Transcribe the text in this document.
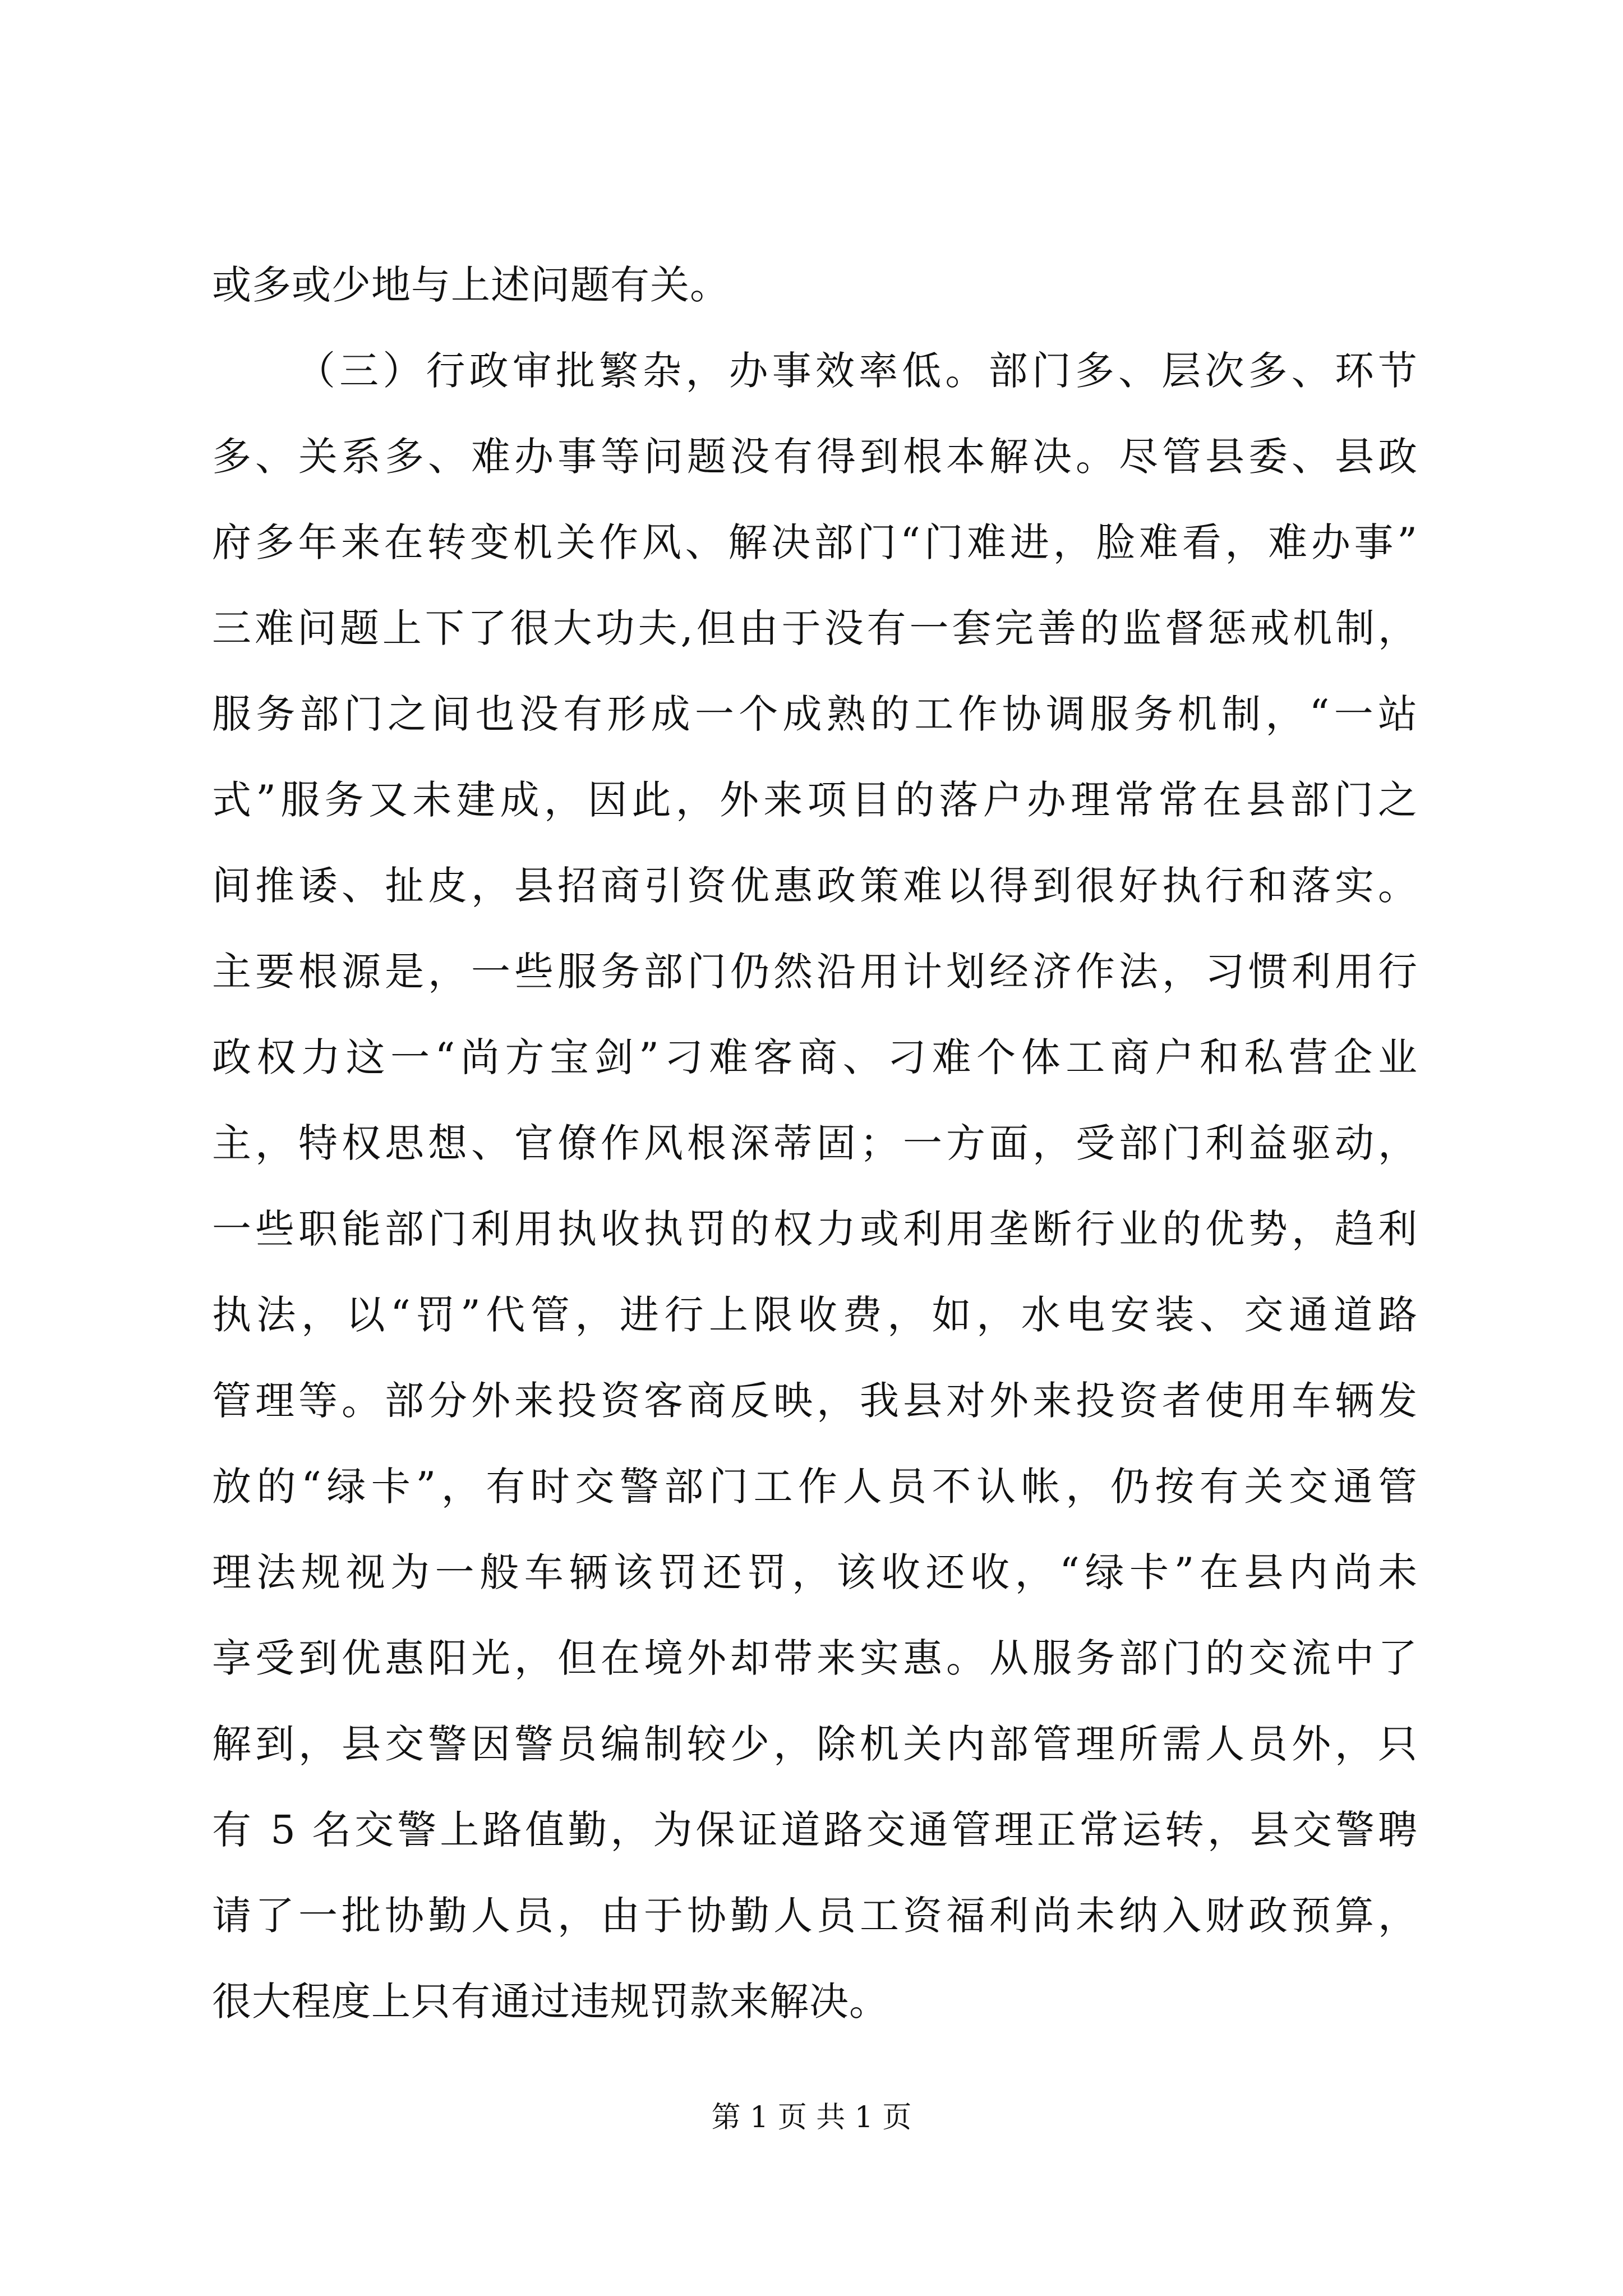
或多或少地与上述问题有关。
（三）行政审批繁杂，办事效率低。部门多、层次多、环节
多、关系多、难办事等问题没有得到根本解决。尽管县委、县政
府多年来在转变机关作风、解决部门“门难进，脸难看，难办事”
三难问题上下了很大功夫,但由于没有一套完善的监督惩戒机制，
服务部门之间也没有形成一个成熟的工作协调服务机制，“一站
式”服务又未建成，因此，外来项目的落户办理常常在县部门之
间推诿、扯皮，县招商引资优惠政策难以得到很好执行和落实。
主要根源是，一些服务部门仍然沿用计划经济作法，习惯利用行
政权力这一“尚方宝剑”刁难客商、刁难个体工商户和私营企业
主，特权思想、官僚作风根深蒂固；一方面，受部门利益驱动，
一些职能部门利用执收执罚的权力或利用垄断行业的优势，趋利
执法，以“罚”代管，进行上限收费，如，水电安装、交通道路
管理等。部分外来投资客商反映，我县对外来投资者使用车辆发
放的“绿卡”，有时交警部门工作人员不认帐，仍按有关交通管
理法规视为一般车辆该罚还罚，该收还收，“绿卡”在县内尚未
享受到优惠阳光，但在境外却带来实惠。从服务部门的交流中了
解到，县交警因警员编制较少，除机关内部管理所需人员外，只
有 5 名交警上路值勤，为保证道路交通管理正常运转，县交警聘
请了一批协勤人员，由于协勤人员工资福利尚未纳入财政预算，
很大程度上只有通过违规罚款来解决。
第 1 页 共 1 页
